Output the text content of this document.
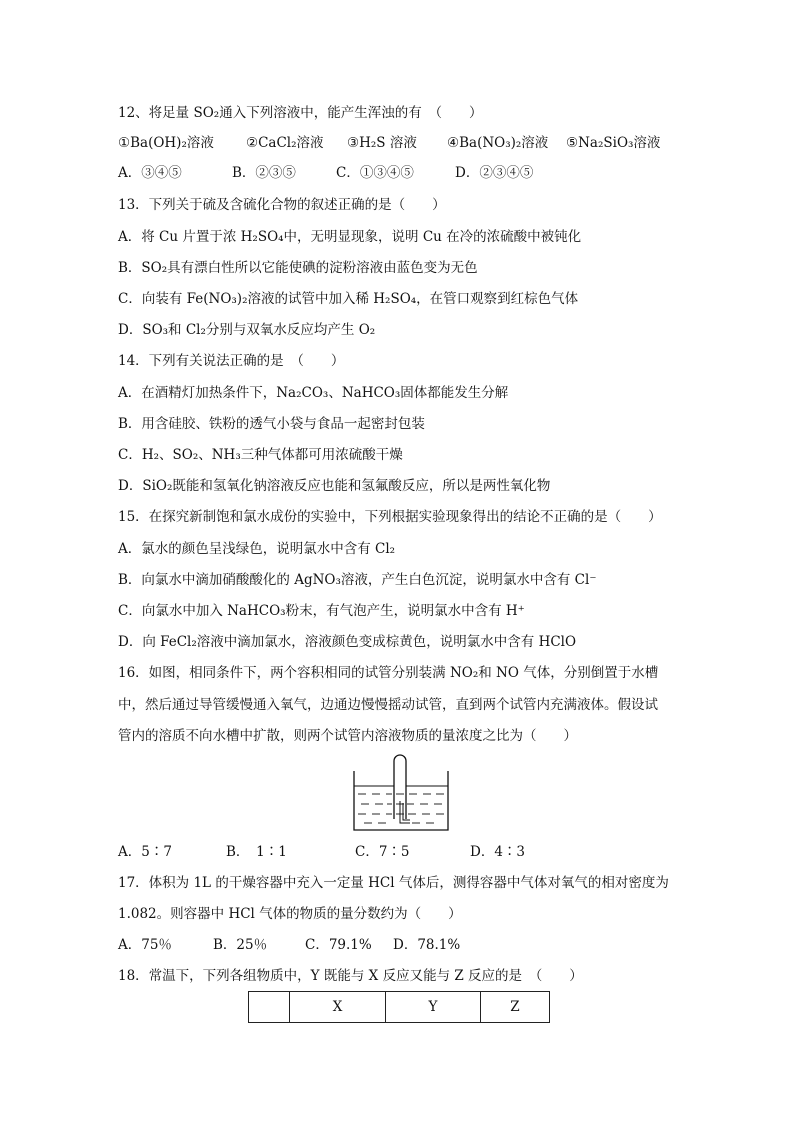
12、将足量 SO₂通入下列溶液中，能产生浑浊的有　（　　）
①Ba(OH)₂溶液 ②CaCl₂溶液 ③H₂S 溶液 ④Ba(NO₃)₂溶液 ⑤Na₂SiO₃溶液
A．③④⑤	B．②③⑤	C．①③④⑤	D．②③④⑤
13．下列关于硫及含硫化合物的叙述正确的是（　　）
A．将 Cu 片置于浓 H₂SO₄中，无明显现象，说明 Cu 在冷的浓硫酸中被钝化
B．SO₂具有漂白性所以它能使碘的淀粉溶液由蓝色变为无色
C．向装有 Fe(NO₃)₂溶液的试管中加入稀 H₂SO₄，在管口观察到红棕色气体
D．SO₃和 Cl₂分别与双氧水反应均产生 O₂
14．下列有关说法正确的是　（　　）
A．在酒精灯加热条件下，Na₂CO₃、NaHCO₃固体都能发生分解
B．用含硅胶、铁粉的透气小袋与食品一起密封包装
C．H₂、SO₂、NH₃三种气体都可用浓硫酸干燥
D．SiO₂既能和氢氧化钠溶液反应也能和氢氟酸反应，所以是两性氧化物
15．在探究新制饱和氯水成份的实验中，下列根据实验现象得出的结论不正确的是（　　）
A．氯水的颜色呈浅绿色，说明氯水中含有 Cl₂
B．向氯水中滴加硝酸酸化的 AgNO₃溶液，产生白色沉淀，说明氯水中含有 Cl⁻
C．向氯水中加入 NaHCO₃粉末，有气泡产生，说明氯水中含有 H⁺
D．向 FeCl₂溶液中滴加氯水，溶液颜色变成棕黄色，说明氯水中含有 HClO
16．如图，相同条件下，两个容积相同的试管分别装满 NO₂和 NO 气体，分别倒置于水槽
中，然后通过导管缓慢通入氧气，边通边慢慢摇动试管，直到两个试管内充满液体。假设试
管内的溶质不向水槽中扩散，则两个试管内溶液物质的量浓度之比为（　　）
A．5∶7	B．　1∶1	C．7∶5	D．4∶3
17．体积为 1L 的干燥容器中充入一定量 HCl 气体后，测得容器中气体对氧气的相对密度为
1.082。则容器中 HCl 气体的物质的量分数约为（　　）
A．75％	B．25％	C．79.1% D．78.1%
18．常温下，下列各组物质中，Y 既能与 X 反应又能与 Z 反应的是　（　　）
	X	Y	Z
